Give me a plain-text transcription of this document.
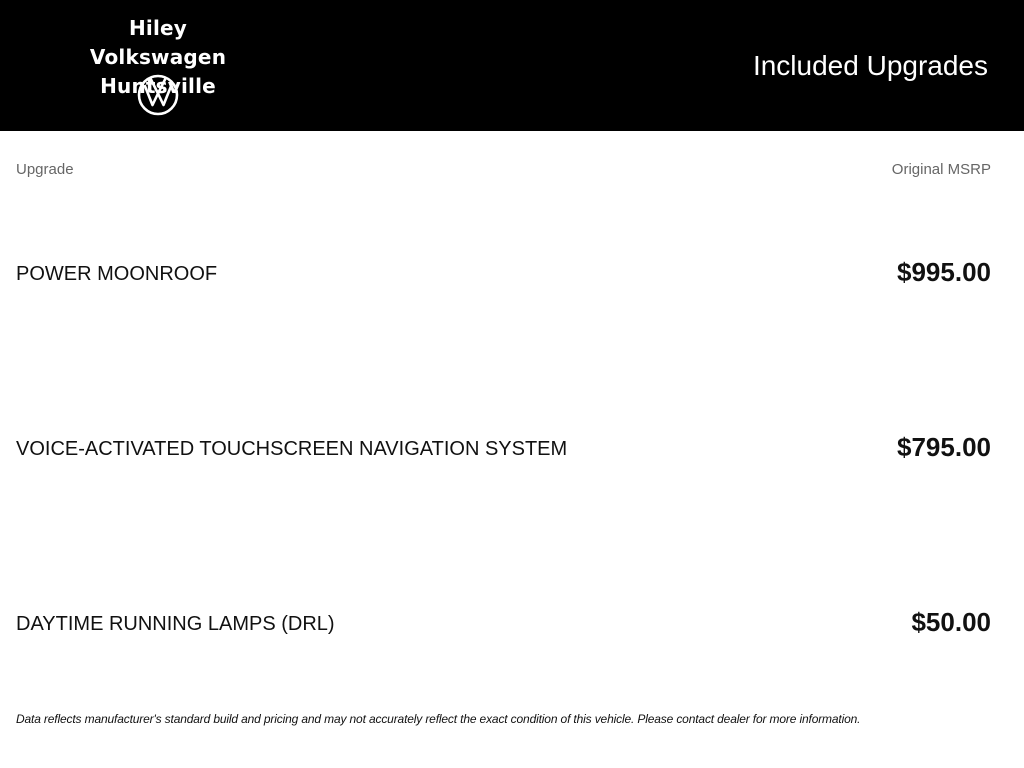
Hiley Volkswagen
Huntsville
Included Upgrades
Upgrade	Original MSRP
POWER MOONROOF	$995.00
VOICE-ACTIVATED TOUCHSCREEN NAVIGATION SYSTEM	$795.00
DAYTIME RUNNING LAMPS (DRL)	$50.00
Data reflects manufacturer's standard build and pricing and may not accurately reflect the exact condition of this vehicle. Please contact dealer for more information.
